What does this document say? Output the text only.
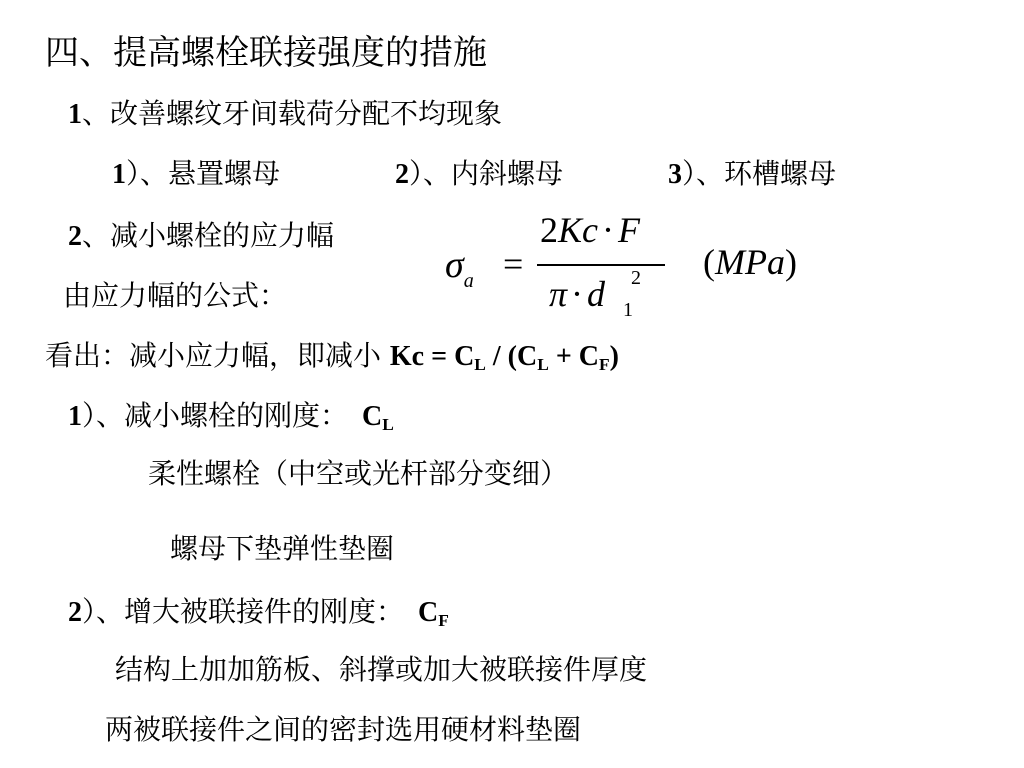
四、提高螺栓联接强度的措施
1、改善螺纹牙间载荷分配不均现象
1）、悬置螺母	2）、内斜螺母	3）、环槽螺母
2、减小螺栓的应力幅
由应力幅的公式：
$\sigma_a$ =
2Kc · F
π · d 2
1
(MPa)
看出：减小应力幅，即减小 $Kc = C_L / (C_L + C_F)$
1）、减小螺栓的刚度： $C_L$
柔性螺栓（中空或光杆部分变细）
螺母下垫弹性垫圈
2）、增大被联接件的刚度： $C_F$
结构上加加筋板、斜撑或加大被联接件厚度
两被联接件之间的密封选用硬材料垫圈
